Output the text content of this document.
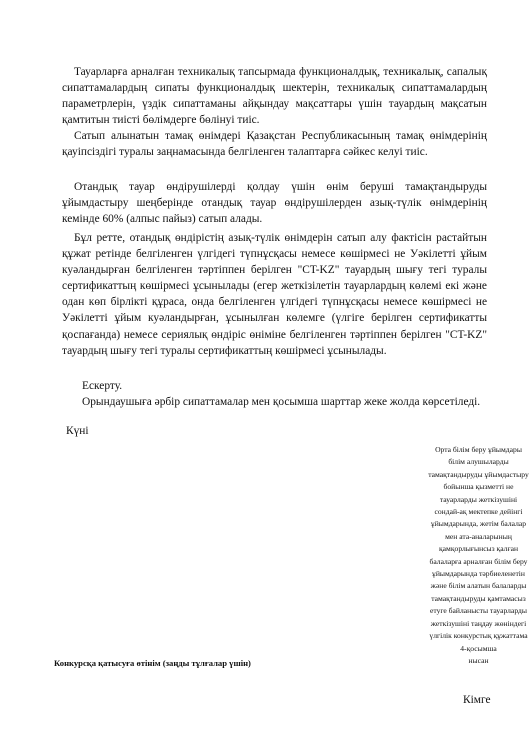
Тауарларға арналған техникалық тапсырмада функционалдық, техникалық, сапалық сипаттамалардың сипаты функционалдық шектерін, техникалық сипаттамалардың параметрлерін, үздік сипаттаманы айқындау мақсаттары үшін тауардың мақсатын қамтитын тиісті бөлімдерге бөлінуі тиіс.

Сатып алынатын тамақ өнімдері Қазақстан Республикасының тамақ өнімдерінің қауіпсіздігі туралы заңнамасында белгіленген талаптарға сәйкес келуі тиіс.

Отандық тауар өндірушілерді қолдау үшін өнім беруші тамақтандыруды ұйымдастыру шеңберінде отандық тауар өндірушілерден азық-түлік өнімдерінің кемінде 60% (алпыс пайыз) сатып алады.

Бұл ретте, отандық өндірістің азық-түлік өнімдерін сатып алу фактісін растайтын құжат ретінде белгіленген үлгідегі түпнұсқасы немесе көшірмесі не Уәкілетті ұйым куәландырған белгіленген тәртіппен берілген "CT-KZ" тауардың шығу тегі туралы сертификаттың көшірмесі ұсынылады (егер жеткізілетін тауарлардың көлемі екі және одан көп бірлікті құраса, онда белгіленген үлгідегі түпнұсқасы немесе көшірмесі не Уәкілетті ұйым куәландырған, ұсынылған көлемге (үлгіге берілген сертификатты қоспағанда) немесе сериялық өндіріс өніміне белгіленген тәртіппен берілген "CT-KZ" тауардың шығу тегі туралы сертификаттың көшірмесі ұсынылады.

Ескерту.

Орындаушыға әрбір сипаттамалар мен қосымша шарттар жеке жолда көрсетіледі.

Күні
Орта білім беру ұйымдары
білім алушыларды
тамақтандыруды ұйымдастыру
бойынша қызметті не
тауарларды жеткізушіні
сондай-ақ мектепке дейінгі
ұйымдарында, жетім балалар
мен ата-аналарының
қамқорлығынсыз қалған
балаларға арналған білім беру
ұйымдарында тәрбиеленетін
және білім алатын балаларды
тамақтандыруды қамтамасыз
етуге байланысты тауарларды
жеткізушіні таңдау жөніндегі
үлгілік конкурстық құжаттама
4-қосымша
нысан
Конкурсқа қатысуға өтінім (заңды тұлғалар үшін)
Кімге
